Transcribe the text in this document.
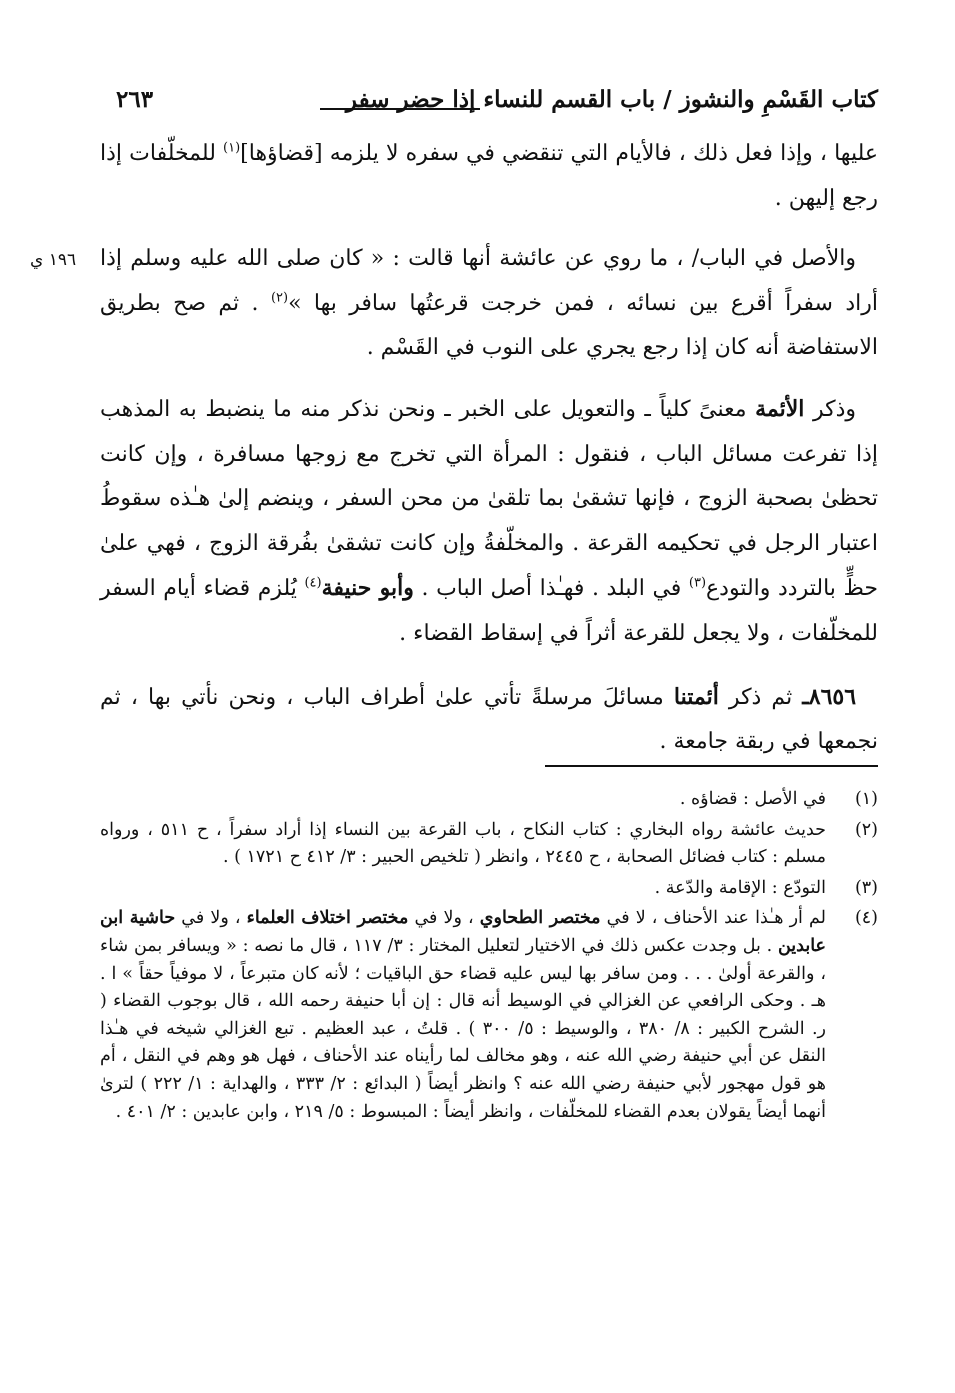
كتاب القَسْمِ والنشوز / باب القسم للنساء إذا حضر سفر
٢٦٣
١٩٦ ي

عليها ، وإذا فعل ذلك ، فالأيام التي تنقضي في سفره لا يلزمه [قضاؤها]$^{(١)}$ للمخلّفات إذا رجع إليهن .

والأصل في الباب/ ، ما روي عن عائشة أنها قالت : « كان صلى الله عليه وسلم إذا أراد سفراً أقرع بين نسائه ، فمن خرجت قرعتُها سافر بها »$^{(٢)}$ . ثم صح بطريق الاستفاضة أنه كان إذا رجع يجري على النوب في القَسْم .

وذكر الأئمة معنىً كلياً ـ والتعويل على الخبر ـ ونحن نذكر منه ما ينضبط به المذهب إذا تفرعت مسائل الباب ، فنقول : المرأة التي تخرج مع زوجها مسافرة ، وإن كانت تحظىٰ بصحبة الزوج ، فإنها تشقىٰ بما تلقىٰ من محن السفر ، وينضم إلىٰ هـٰذه سقوطُ اعتبار الرجل في تحكيمه القرعة . والمخلّفةُ وإن كانت تشقىٰ بفُرقة الزوج ، فهي علىٰ حظٍّ بالتردد والتودع$^{(٣)}$ في البلد . فهـٰذا أصل الباب . وأبو حنيفة$^{(٤)}$ يُلزم قضاء أيام السفر للمخلّفات ، ولا يجعل للقرعة أثراً في إسقاط القضاء .

٨٦٥٦ـ ثم ذكر أئمتنا مسائلَ مرسلةً تأتي علىٰ أطراف الباب ، ونحن نأتي بها ، ثم نجمعها في ربقة جامعة .

(١)
في الأصل : قضاؤه .
(٢)
حديث عائشة رواه البخاري : كتاب النكاح ، باب القرعة بين النساء إذا أراد سفراً ، ح ٥١١ ، ورواه مسلم : كتاب فضائل الصحابة ، ح ٢٤٤٥ ، وانظر ( تلخيص الحبير : ٣/ ٤١٢ ح ١٧٢١ ) .
(٣)
التودّع : الإقامة والدّعة .
(٤)
لم أر هـٰذا عند الأحناف ، لا في مختصر الطحاوي ، ولا في مختصر اختلاف العلماء ، ولا في حاشية ابن عابدين . بل وجدت عكس ذلك في الاختيار لتعليل المختار : ٣/ ١١٧ ، قال ما نصه : « ويسافر بمن شاء ، والقرعة أولىٰ . . . ومن سافر بها ليس عليه قضاء حق الباقيات ؛ لأنه كان متبرعاً ، لا موفياً حقاً » ا . هـ . وحكى الرافعي عن الغزالي في الوسيط أنه قال : إن أبا حنيفة رحمه الله ، قال بوجوب القضاء ( ر. الشرح الكبير : ٨/ ٣٨٠ ، والوسيط : ٥/ ٣٠٠ ) . قلتُ ، عبد العظيم . تبع الغزالي شيخه في هـٰذا النقل عن أبي حنيفة رضي الله عنه ، وهو مخالف لما رأيناه عند الأحناف ، فهل هو وهم في النقل ، أم هو قول مهجور لأبي حنيفة رضي الله عنه ؟ وانظر أيضاً ( البدائع : ٢/ ٣٣٣ ، والهداية : ١/ ٢٢٢ ) لترىٰ أنهما أيضاً يقولان بعدم القضاء للمخلّفات ، وانظر أيضاً : المبسوط : ٥/ ٢١٩ ، وابن عابدين : ٢/ ٤٠١ .
